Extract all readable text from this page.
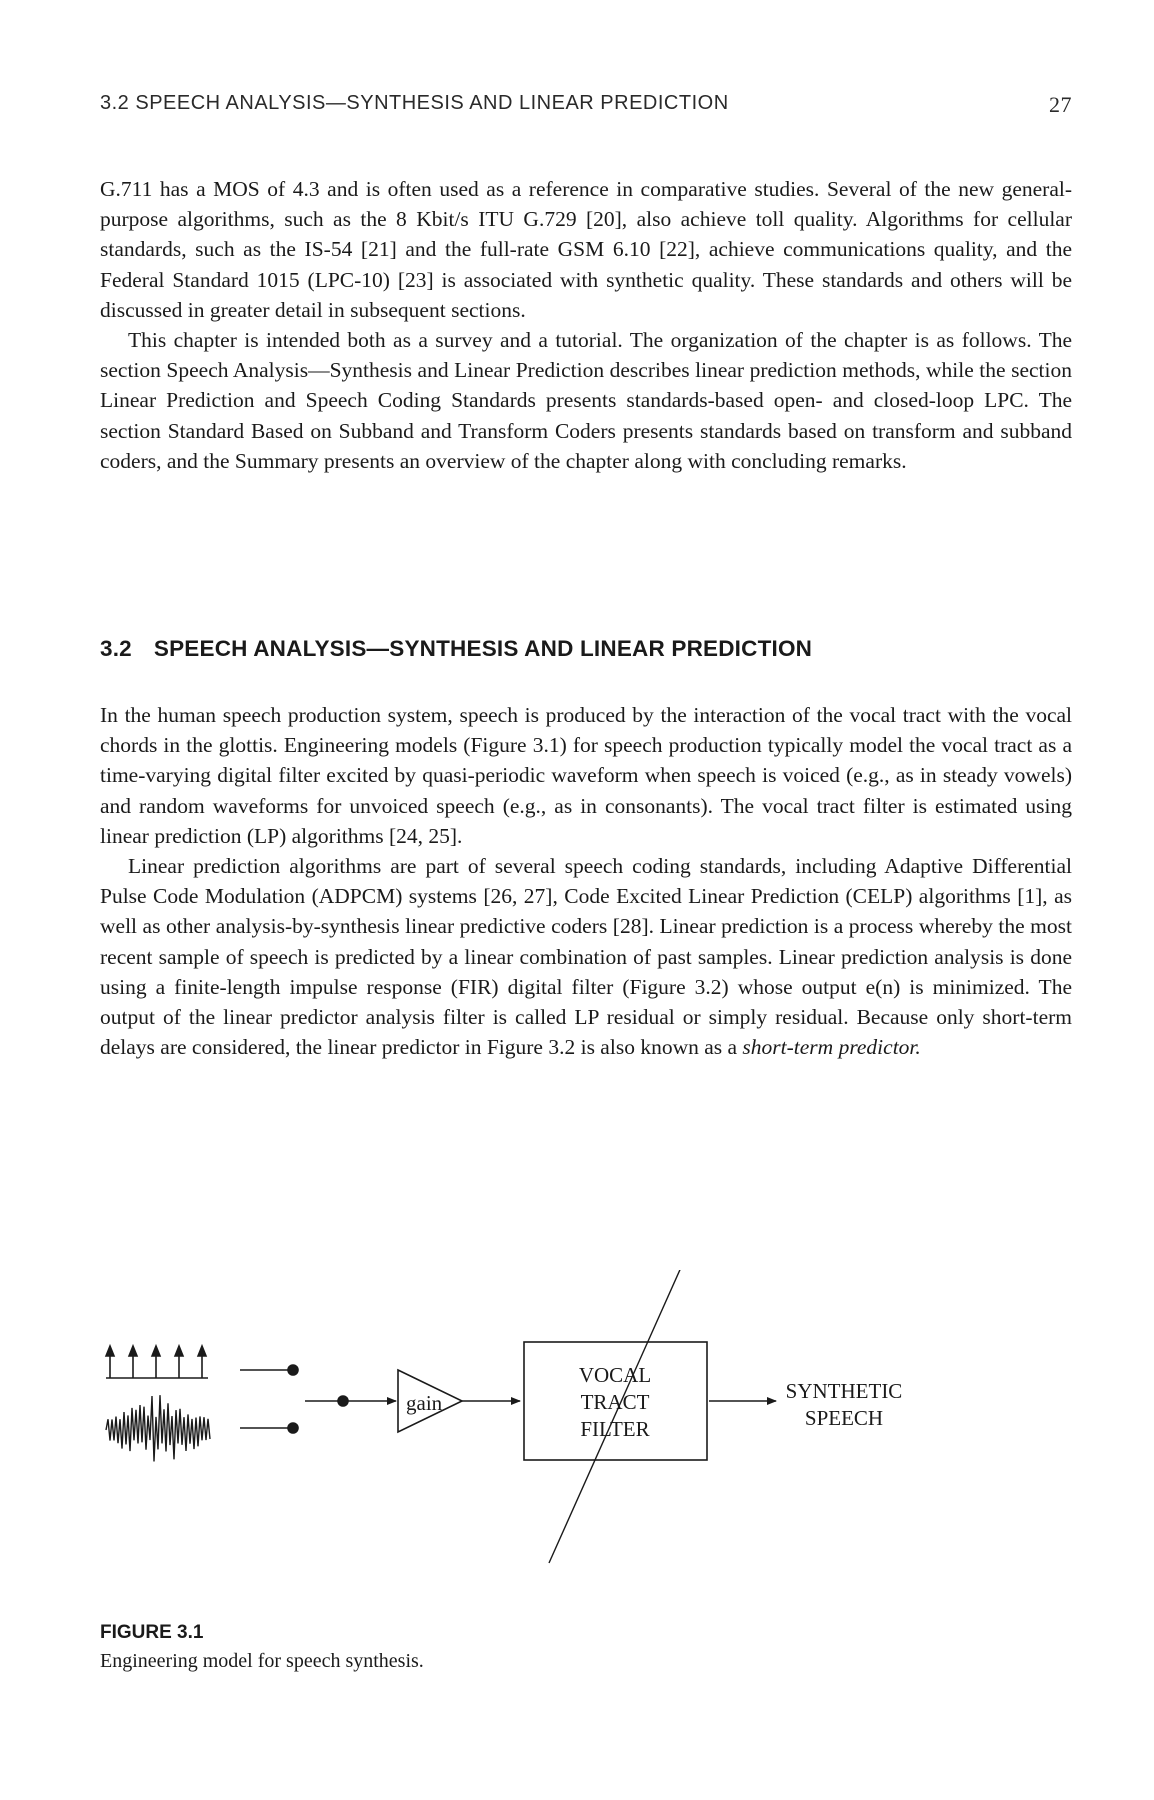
3.2 SPEECH ANALYSIS—SYNTHESIS AND LINEAR PREDICTION	27

G.711 has a MOS of 4.3 and is often used as a reference in comparative studies. Several of the new general-purpose algorithms, such as the 8 Kbit/s ITU G.729 [20], also achieve toll quality. Algorithms for cellular standards, such as the IS-54 [21] and the full-rate GSM 6.10 [22], achieve communications quality, and the Federal Standard 1015 (LPC-10) [23] is associated with synthetic quality. These standards and others will be discussed in greater detail in subsequent sections.

This chapter is intended both as a survey and a tutorial. The organization of the chapter is as follows. The section Speech Analysis—Synthesis and Linear Prediction describes linear prediction methods, while the section Linear Prediction and Speech Coding Standards presents standards-based open- and closed-loop LPC. The section Standard Based on Subband and Transform Coders presents standards based on transform and subband coders, and the Summary presents an overview of the chapter along with concluding remarks.

3.2 SPEECH ANALYSIS—SYNTHESIS AND LINEAR PREDICTION

In the human speech production system, speech is produced by the interaction of the vocal tract with the vocal chords in the glottis. Engineering models (Figure 3.1) for speech production typically model the vocal tract as a time-varying digital filter excited by quasi-periodic waveform when speech is voiced (e.g., as in steady vowels) and random waveforms for unvoiced speech (e.g., as in consonants). The vocal tract filter is estimated using linear prediction (LP) algorithms [24, 25].

Linear prediction algorithms are part of several speech coding standards, including Adaptive Differential Pulse Code Modulation (ADPCM) systems [26, 27], Code Excited Linear Prediction (CELP) algorithms [1], as well as other analysis-by-synthesis linear predictive coders [28]. Linear prediction is a process whereby the most recent sample of speech is predicted by a linear combination of past samples. Linear prediction analysis is done using a finite-length impulse response (FIR) digital filter (Figure 3.2) whose output e(n) is minimized. The output of the linear predictor analysis filter is called LP residual or simply residual. Because only short-term delays are considered, the linear predictor in Figure 3.2 is also known as a short-term predictor.

gain
VOCAL
TRACT
FILTER
SYNTHETIC
SPEECH
FIGURE 3.1
Engineering model for speech synthesis.
